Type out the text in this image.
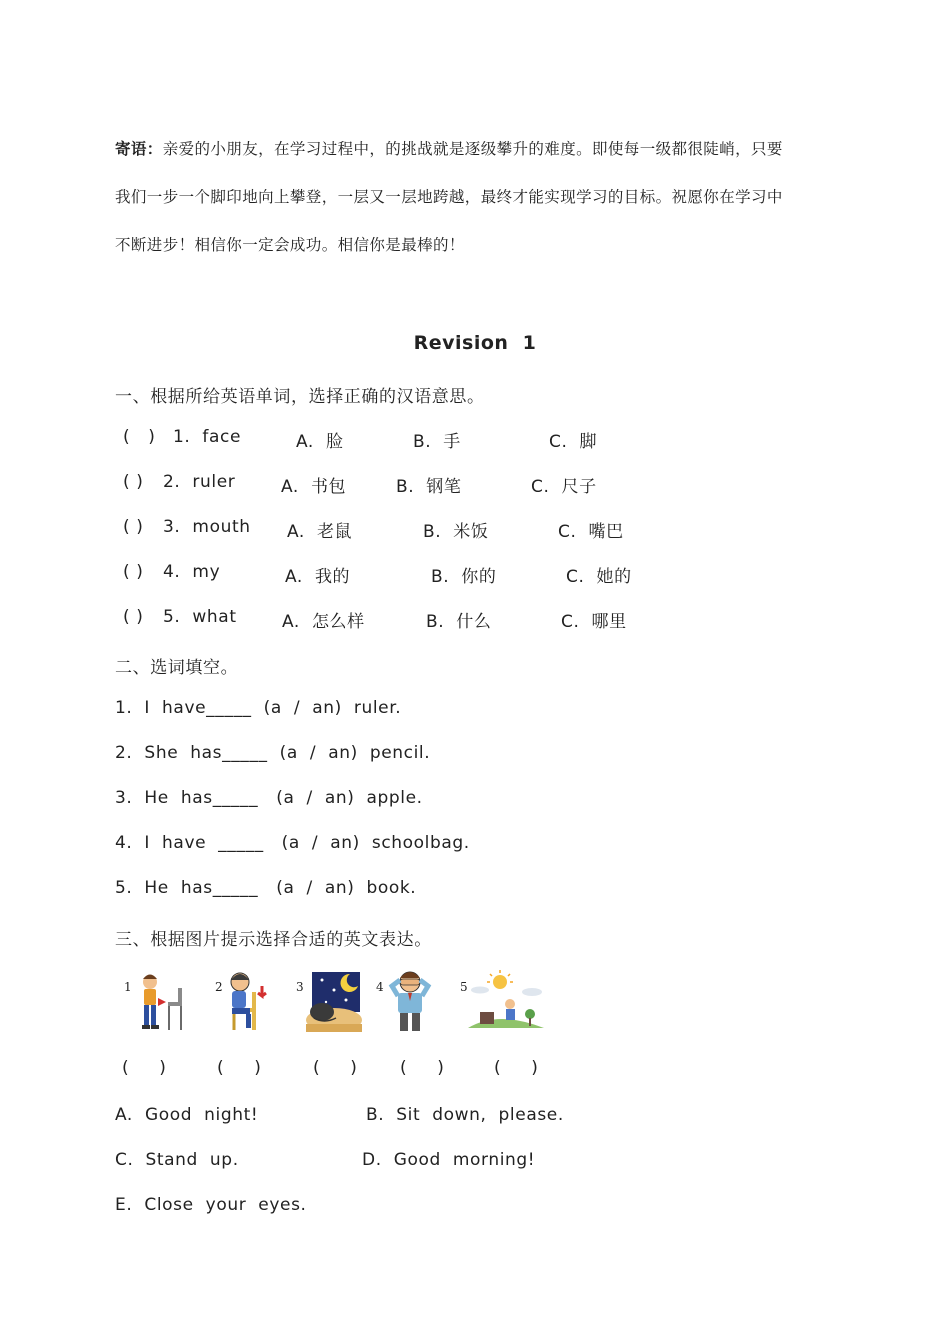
寄语：亲爱的小朋友，在学习过程中，的挑战就是逐级攀升的难度。即使每一级都很陡峭，只要
我们一步一个脚印地向上攀登，一层又一层地跨越，最终才能实现学习的目标。祝愿你在学习中
不断进步！相信你一定会成功。相信你是最棒的！
Revision  1
一、根据所给英语单词，选择正确的汉语意思。
(   ) 1.  face	A.  脸	B.  手	C.  脚
( ) 2.  ruler	A.  书包	B.  钢笔	C.  尺子
( ) 3.  mouth A.  老鼠	B.  米饭	C.  嘴巴
( ) 4.  my	A.  我的	B.  你的	C.  她的
( ) 5.  what	A.  怎么样	B.  什么	C.  哪里
二、选词填空。
1.  I  have_____  (a  /  an)  ruler.
2.  She  has_____  (a  /  an)  pencil.
3.  He  has_____   (a  /  an)  apple.
4.  I  have  _____   (a  /  an)  schoolbag.
5.  He  has_____   (a  /  an)  book.
三、根据图片提示选择合适的英文表达。
1	2	3	4	5
(     )	(     )	(     )	(     )	(     )
A.  Good  night!	B.  Sit  down,  please.
C.  Stand  up.	D.  Good  morning!
E.  Close  your  eyes.
